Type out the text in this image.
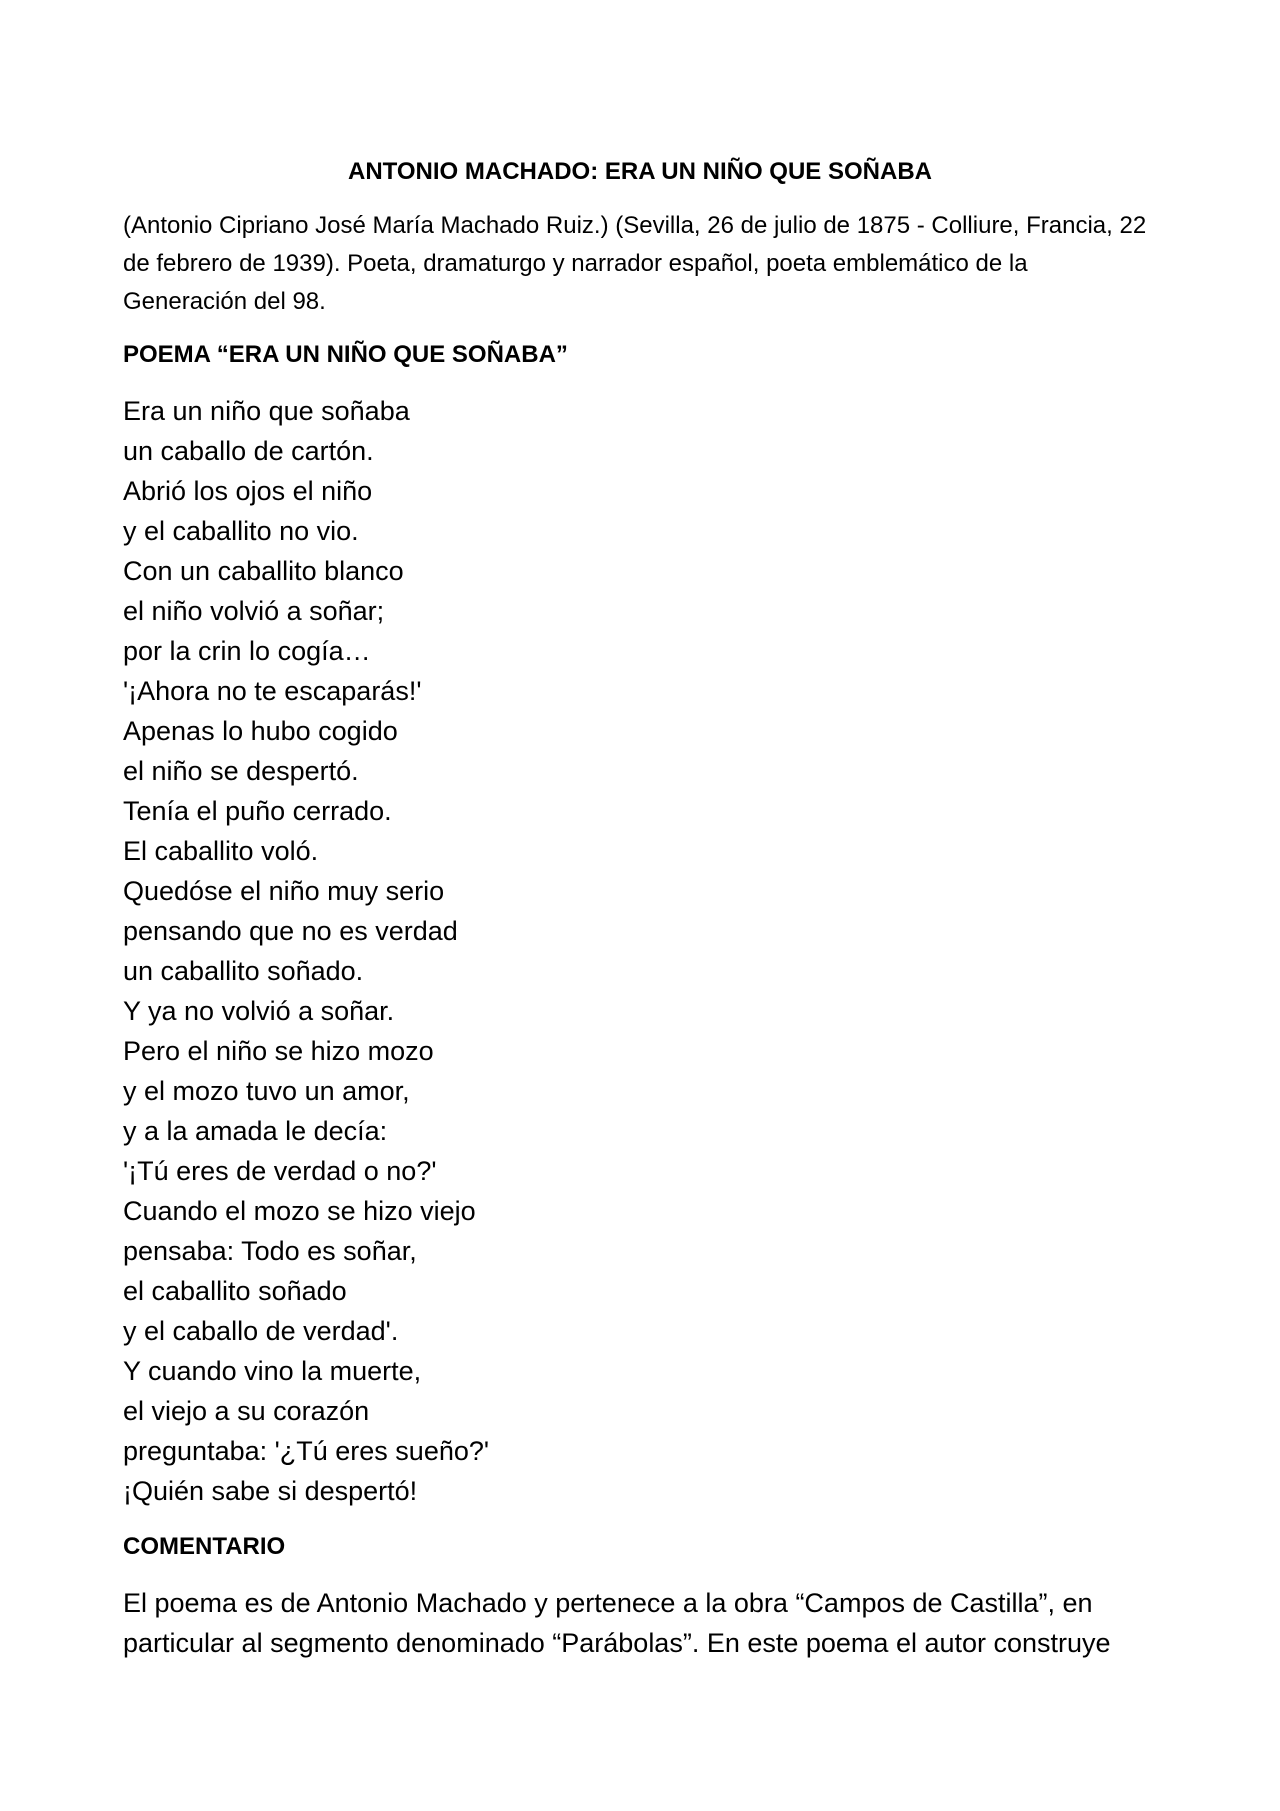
ANTONIO MACHADO: ERA UN NIÑO QUE SOÑABA

(Antonio Cipriano José María Machado Ruiz.) (Sevilla, 26 de julio de 1875 - Colliure, Francia, 22 de febrero de 1939). Poeta, dramaturgo y narrador español, poeta emblemático de la Generación del 98.

POEMA “ERA UN NIÑO QUE SOÑABA”
Era un niño que soñaba
un caballo de cartón.
Abrió los ojos el niño
y el caballito no vio.
Con un caballito blanco
el niño volvió a soñar;
por la crin lo cogía…
'¡Ahora no te escaparás!'
Apenas lo hubo cogido
el niño se despertó.
Tenía el puño cerrado.
El caballito voló.
Quedóse el niño muy serio
pensando que no es verdad
un caballito soñado.
Y ya no volvió a soñar.
Pero el niño se hizo mozo
y el mozo tuvo un amor,
y a la amada le decía:
'¡Tú eres de verdad o no?'
Cuando el mozo se hizo viejo
pensaba: Todo es soñar,
el caballito soñado
y el caballo de verdad'.
Y cuando vino la muerte,
el viejo a su corazón
preguntaba: '¿Tú eres sueño?'
¡Quién sabe si despertó!
COMENTARIO

El poema es de Antonio Machado y pertenece a la obra “Campos de Castilla”, en particular al segmento denominado “Parábolas”. En este poema el autor construye
